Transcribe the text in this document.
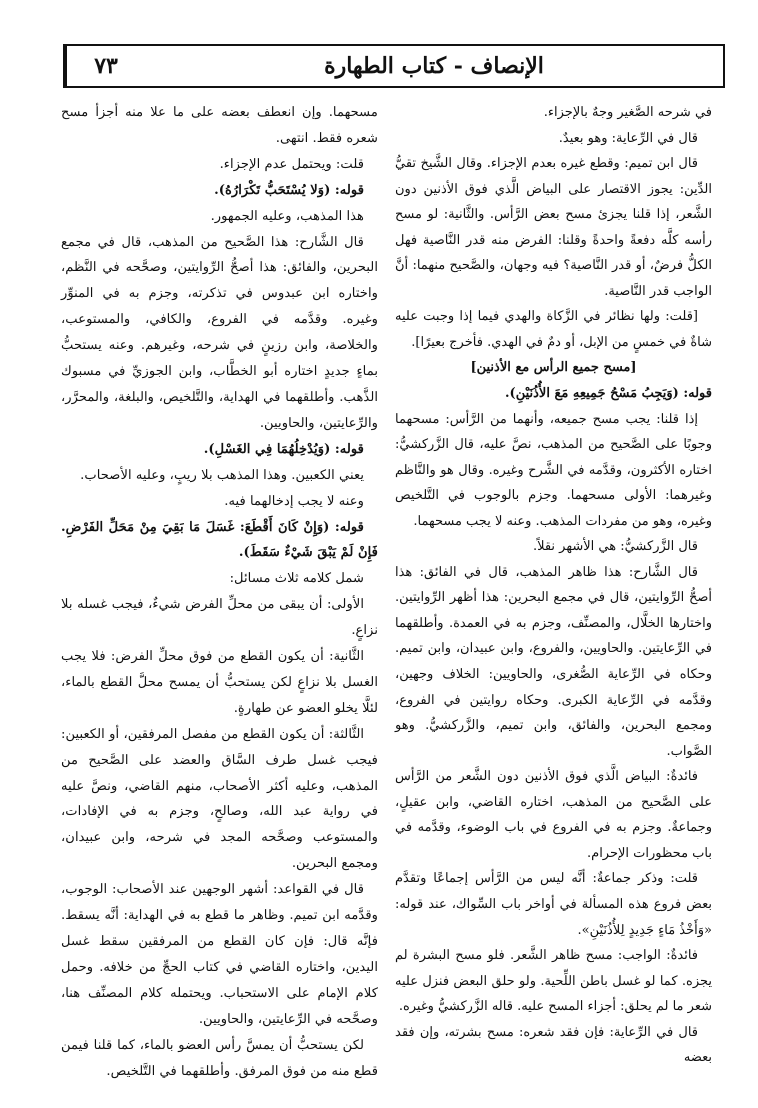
٧٣	الإنصاف - كتاب الطهارة

في شرحه الصَّغير وجهٌ بالإجزاء.

قال في الرِّعاية: وهو بعيدٌ.

قال ابن تميم: وقطع غيره بعدم الإجزاء. وقال الشَّيخ تقيُّ الدِّين: يجوز الاقتصار على البياض الَّذي فوق الأذنين دون الشَّعر، إذا قلنا يجزئ مسح بعض الرَّأس. والثَّانية: لو مسح رأسه كلَّه دفعةً واحدةً وقلنا: الفرض منه قدر النَّاصية فهل الكلُّ فرضٌ، أو قدر النَّاصية؟ فيه وجهان، والصَّحيح منهما: أنَّ الواجب قدر النَّاصية.

[قلت: ولها نظائر في الزَّكاة والهدي فيما إذا وجبت عليه شاةٌ في خمسٍ من الإبل، أو دمٌ في الهدي. فأخرج بعيرًا].

[مسح جميع الرأس مع الأذنين]

قوله: (وَيَجِبُ مَسْحُ جَمِيعِهِ مَعَ الأُذُنَيْنِ).

إذا قلنا: يجب مسح جميعه، وأنهما من الرَّأس: مسحهما وجوبًا على الصَّحيح من المذهب، نصَّ عليه، قال الزَّركشيُّ: اختاره الأكثرون، وقدَّمه في الشَّرح وغيره. وقال هو والنَّاظم وغيرهما: الأولى مسحهما. وجزم بالوجوب في التَّلخيص وغيره، وهو من مفردات المذهب. وعنه لا يجب مسحهما.

قال الزَّركشيُّ: هي الأشهر نقلاً.

قال الشَّارح: هذا ظاهر المذهب، قال في الفائق: هذا أصحُّ الرِّوايتين، قال في مجمع البحرين: هذا أظهر الرِّوايتين. واختارها الخلَّال، والمصنِّف، وجزم به في العمدة. وأطلقهما في الرِّعايتين. والحاويين، والفروع، وابن عبيدان، وابن تميم. وحكاه في الرِّعاية الصُّغرى، والحاويين: الخلاف وجهين، وقدَّمه في الرِّعاية الكبرى. وحكاه روايتين في الفروع، ومجمع البحرين، والفائق، وابن تميم، والزَّركشيُّ. وهو الصَّواب.

فائدةٌ: البياض الَّذي فوق الأذنين دون الشَّعر من الرَّأس على الصَّحيح من المذهب، اختاره القاضي، وابن عقيلٍ، وجماعةٌ. وجزم به في الفروع في باب الوضوء، وقدَّمه في باب محظورات الإحرام.

قلت: وذكر جماعةٌ: أنَّه ليس من الرَّأس إجماعًا وتقدَّم بعض فروع هذه المسألة في أواخر باب السِّواك، عند قوله: «وَأَخْذُ مَاءٍ جَدِيدٍ لِلأُذُنَيْنِ».

فائدةٌ: الواجب: مسح ظاهر الشَّعر. فلو مسح البشرة لم يجزه. كما لو غسل باطن اللِّحية. ولو حلق البعض فنزل عليه شعر ما لم يحلق: أجزاء المسح عليه. قاله الزَّركشيُّ وغيره.

قال في الرِّعاية: فإن فقد شعره: مسح بشرته، وإن فقد بعضه

مسحهما. وإن انعطف بعضه على ما علا منه أجزأ مسح شعره فقط. انتهى.

قلت: ويحتمل عدم الإجزاء.

قوله: (وَلا يُسْتَحَبُّ تَكْرَارُهُ).

هذا المذهب، وعليه الجمهور.

قال الشَّارح: هذا الصَّحيح من المذهب، قال في مجمع البحرين، والفائق: هذا أصحُّ الرِّوايتين، وصحَّحه في النَّظم، واختاره ابن عبدوس في تذكرته، وجزم به في المنوِّر وغيره. وقدَّمه في الفروع، والكافي، والمستوعب، والخلاصة، وابن رزينٍ في شرحه، وغيرهم. وعنه يستحبُّ بماءٍ جديدٍ اختاره أبو الخطَّاب، وابن الجوزيِّ في مسبوك الذَّهب. وأطلقهما في الهداية، والتَّلخيص، والبلغة، والمحرَّر، والرِّعايتين، والحاويين.

قوله: (وَيُدْخِلُهُمَا فِي الغَسْلِ).

يعني الكعبين. وهذا المذهب بلا ريبٍ، وعليه الأصحاب.

وعنه لا يجب إدخالهما فيه.

قوله: (وَإِنْ كَانَ أَقْطَعَ: غَسَلَ مَا بَقِيَ مِنْ مَحَلِّ الفَرْضِ. فَإِنْ لَمْ يَبْقَ شَيْءٌ سَقَطَ).

شمل كلامه ثلاث مسائل:

الأولى: أن يبقى من محلِّ الفرض شيءٌ، فيجب غسله بلا نزاعٍ.

الثَّانية: أن يكون القطع من فوق محلِّ الفرض: فلا يجب الغسل بلا نزاعٍ لكن يستحبُّ أن يمسح محلَّ القطع بالماء، لئلَّا يخلو العضو عن طهارةٍ.

الثَّالثة: أن يكون القطع من مفصل المرفقين، أو الكعبين: فيجب غسل طرف السَّاق والعضد على الصَّحيح من المذهب، وعليه أكثر الأصحاب، منهم القاضي، ونصَّ عليه في رواية عبد الله، وصالحٍ، وجزم به في الإفادات، والمستوعب وصحَّحه المجد في شرحه، وابن عبيدان، ومجمع البحرين.

قال في القواعد: أشهر الوجهين عند الأصحاب: الوجوب، وقدَّمه ابن تميم. وظاهر ما قطع به في الهداية: أنَّه يسقط. فإنَّه قال: فإن كان القطع من المرفقين سقط غسل اليدين، واختاره القاضي في كتاب الحجِّ من خلافه. وحمل كلام الإمام على الاستحباب. ويحتمله كلام المصنِّف هنا، وصحَّحه في الرِّعايتين، والحاويين.

لكن يستحبُّ أن يمسَّ رأس العضو بالماء، كما قلنا فيمن قطع منه من فوق المرفق. وأطلقهما في التَّلخيص.
